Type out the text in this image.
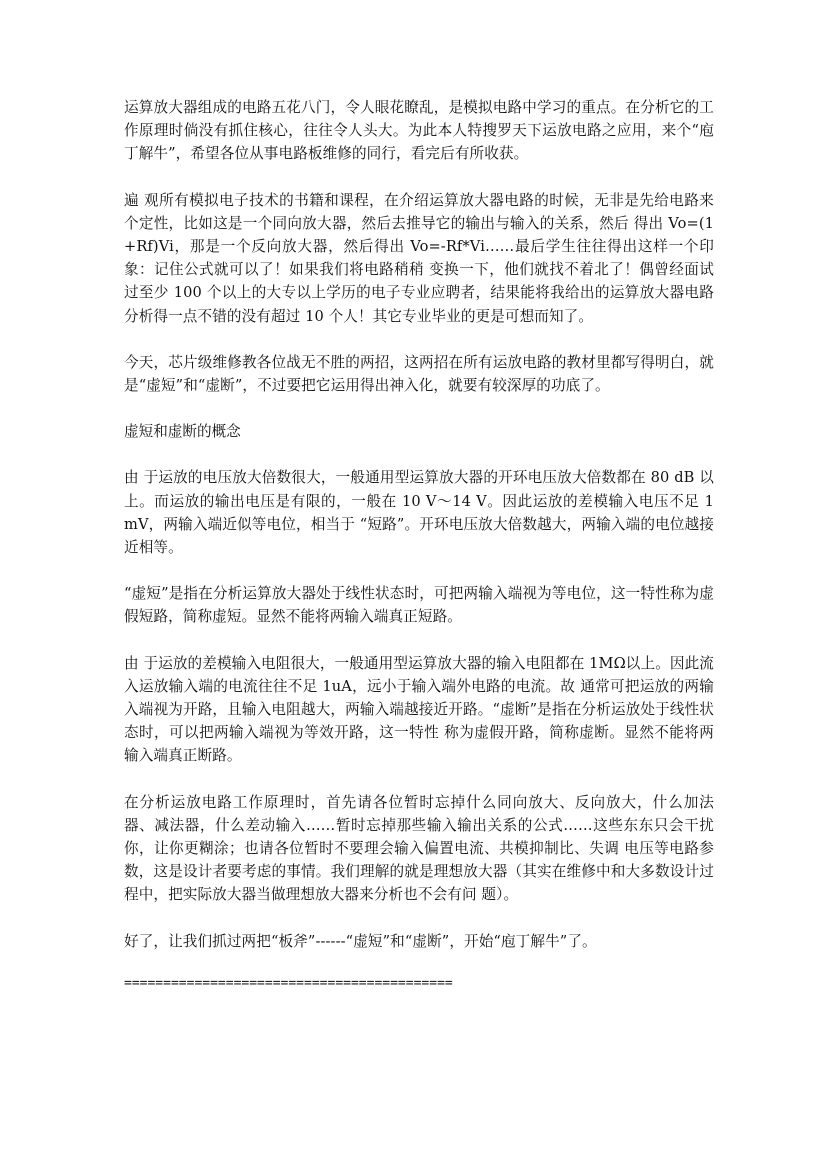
运算放大器组成的电路五花八门，令人眼花瞭乱，是模拟电路中学习的重点。在分析它的工作原理时倘没有抓住核心，往往令人头大。为此本人特搜罗天下运放电路之应用，来个“庖丁解牛”，希望各位从事电路板维修的同行，看完后有所收获。

遍 观所有模拟电子技术的书籍和课程，在介绍运算放大器电路的时候，无非是先给电路来个定性，比如这是一个同向放大器，然后去推导它的输出与输入的关系，然后 得出 Vo=(1+Rf)Vi，那是一个反向放大器，然后得出 Vo=-Rf*Vi……最后学生往往得出这样一个印象：记住公式就可以了！如果我们将电路稍稍 变换一下，他们就找不着北了！偶曾经面试过至少 100 个以上的大专以上学历的电子专业应聘者，结果能将我给出的运算放大器电路分析得一点不错的没有超过 10 个人！其它专业毕业的更是可想而知了。

今天，芯片级维修教各位战无不胜的两招，这两招在所有运放电路的教材里都写得明白，就是“虚短”和“虚断”，不过要把它运用得出神入化，就要有较深厚的功底了。

虚短和虚断的概念

由 于运放的电压放大倍数很大，一般通用型运算放大器的开环电压放大倍数都在 80 dB 以上。而运放的输出电压是有限的，一般在 10 V～14 V。因此运放的差模输入电压不足 1 mV，两输入端近似等电位，相当于 “短路”。开环电压放大倍数越大，两输入端的电位越接近相等。

“虚短”是指在分析运算放大器处于线性状态时，可把两输入端视为等电位，这一特性称为虚假短路，简称虚短。显然不能将两输入端真正短路。

由 于运放的差模输入电阻很大，一般通用型运算放大器的输入电阻都在 1MΩ以上。因此流入运放输入端的电流往往不足 1uA，远小于输入端外电路的电流。故 通常可把运放的两输入端视为开路，且输入电阻越大，两输入端越接近开路。“虚断”是指在分析运放处于线性状态时，可以把两输入端视为等效开路，这一特性 称为虚假开路，简称虚断。显然不能将两输入端真正断路。

在分析运放电路工作原理时，首先请各位暂时忘掉什么同向放大、反向放大，什么加法 器、减法器，什么差动输入……暂时忘掉那些输入输出关系的公式……这些东东只会干扰你，让你更糊涂；也请各位暂时不要理会输入偏置电流、共模抑制比、失调 电压等电路参数，这是设计者要考虑的事情。我们理解的就是理想放大器（其实在维修中和大多数设计过程中，把实际放大器当做理想放大器来分析也不会有问 题）。

好了，让我们抓过两把“板斧”------“虚短”和“虚断”，开始“庖丁解牛”了。

==========================================
